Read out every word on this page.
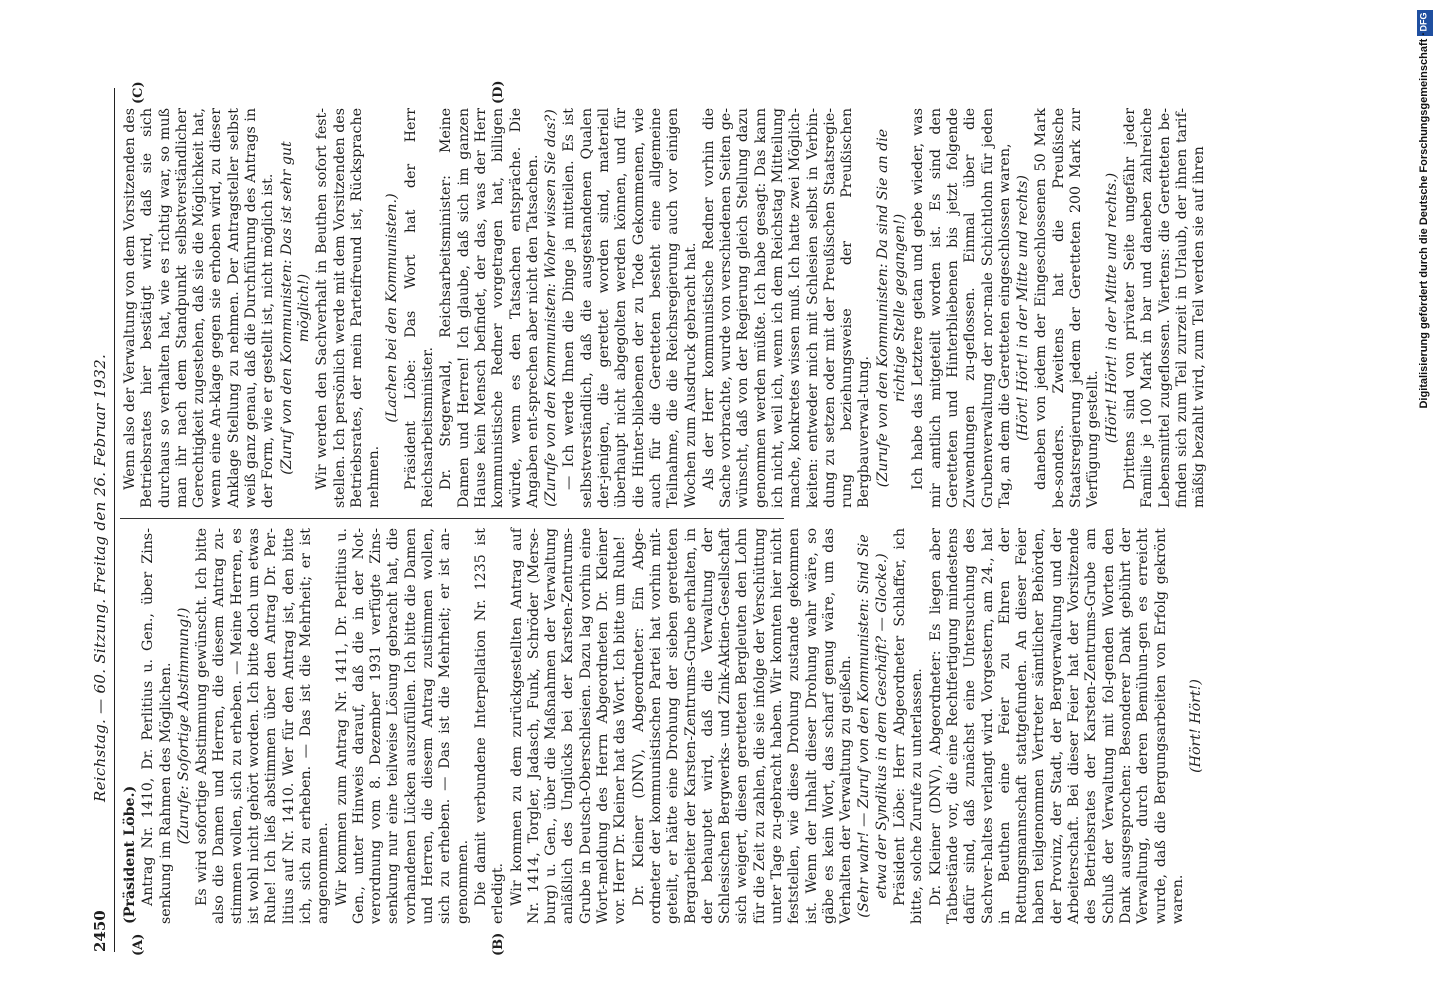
2450
Reichstag. — 60. Sitzung. Freitag den 26. Februar 1932.
(A)	(B)
(C)	(D)

(Präsident Löbe.) Antrag Nr. 1410, Dr. Perlitius u. Gen., über Zins-senkung im Rahmen des Möglichen. (Zurufe: Sofortige Abstimmung!) Es wird sofortige Abstimmung gewünscht. Ich bitte also die Damen und Herren, die diesem Antrag zu-stimmen wollen, sich zu erheben. — Meine Herren, es ist wohl nicht gehört worden. Ich bitte doch um etwas Ruhe! Ich ließ abstimmen über den Antrag Dr. Per-litius auf Nr. 1410. Wer für den Antrag ist, den bitte ich, sich zu erheben. — Das ist die Mehrheit; er ist angenommen. Wir kommen zum Antrag Nr. 1411, Dr. Perlitius u. Gen., unter Hinweis darauf, daß die in der Not-verordnung vom 8. Dezember 1931 verfügte Zins-senkung nur eine teilweise Lösung gebracht hat, die vorhandenen Lücken auszufüllen. Ich bitte die Damen und Herren, die diesem Antrag zustimmen wollen, sich zu erheben. — Das ist die Mehrheit; er ist an-genommen. Die damit verbundene Interpellation Nr. 1235 ist erledigt. Wir kommen zu dem zurückgestellten Antrag auf Nr. 1414, Torgler, Jadasch, Funk, Schröder (Merse-burg) u. Gen., über die Maßnahmen der Verwaltung anläßlich des Unglücks bei der Karsten-Zentrums-Grube in Deutsch-Oberschlesien. Dazu lag vorhin eine Wort-meldung des Herrn Abgeordneten Dr. Kleiner vor. Herr Dr. Kleiner hat das Wort. Ich bitte um Ruhe! Dr. Kleiner (DNV), Abgeordneter: Ein Abge-ordneter der kommunistischen Partei hat vorhin mit-geteilt, er hätte eine Drohung der sieben geretteten Bergarbeiter der Karsten-Zentrums-Grube erhalten, in der behauptet wird, daß die Verwaltung der Schlesischen Bergwerks- und Zink-Aktien-Gesellschaft sich weigert, diesen geretteten Bergleuten den Lohn für die Zeit zu zahlen, die sie infolge der Verschüttung unter Tage zu-gebracht haben. Wir konnten hier nicht feststellen, wie diese Drohung zustande gekommen ist. Wenn der Inhalt dieser Drohung wahr wäre, so gäbe es kein Wort, das scharf genug wäre, um das Verhalten der Verwaltung zu geißeln. (Sehr wahr! — Zuruf von den Kommunisten: Sind Sie etwa der Syndikus in dem Geschäft? — Glocke.) Präsident Löbe: Herr Abgeordneter Schlaffer, ich bitte, solche Zurufe zu unterlassen. Dr. Kleiner (DNV), Abgeordneter: Es liegen aber Tatbestände vor, die eine Rechtfertigung mindestens dafür sind, daß zunächst eine Untersuchung des Sachver-haltes verlangt wird. Vorgestern, am 24., hat in Beuthen eine Feier zu Ehren der Rettungsmannschaft stattgefunden. An dieser Feier haben teilgenommen Vertreter sämtlicher Behörden, der Provinz, der Stadt, der Bergverwaltung und der Arbeiterschaft. Bei dieser Feier hat der Vorsitzende des Betriebsrates der Karsten-Zentrums-Grube am Schluß der Verwaltung mit fol-genden Worten den Dank ausgesprochen: Besonderer Dank gebührt der Verwaltung, durch deren Bemühun-gen es erreicht wurde, daß die Bergungsarbeiten von Erfolg gekrönt waren.

(Hört! Hört!)

Wenn also der Verwaltung von dem Vorsitzenden des Betriebsrates hier bestätigt wird, daß sie sich durchaus so verhalten hat, wie es richtig war, so muß man ihr nach dem Standpunkt selbstverständlicher Gerechtigkeit zugestehen, daß sie die Möglichkeit hat, wenn eine An-klage gegen sie erhoben wird, zu dieser Anklage Stellung zu nehmen. Der Antragsteller selbst weiß ganz genau, daß die Durchführung des Antrags in der Form, wie er gestellt ist, nicht möglich ist. (Zuruf von den Kommunisten: Das ist sehr gut möglich!) Wir werden den Sachverhalt in Beuthen sofort fest-stellen. Ich persönlich werde mit dem Vorsitzenden des Betriebsrates, der mein Parteifreund ist, Rücksprache nehmen.

(Lachen bei den Kommunisten.) Präsident Löbe: Das Wort hat der Herr Reichsarbeitsminister. Dr. Stegerwald, Reichsarbeitsminister: Meine Damen und Herren! Ich glaube, daß sich im ganzen Hause kein Mensch befindet, der das, was der Herr kommunistische Redner vorgetragen hat, billigen würde, wenn es den Tatsachen entspräche. Die Angaben ent-sprechen aber nicht den Tatsachen. (Zurufe von den Kommunisten: Woher wissen Sie das?) — Ich werde Ihnen die Dinge ja mitteilen. Es ist selbstverständlich, daß die ausgestandenen Qualen der-jenigen, die gerettet worden sind, materiell überhaupt nicht abgegolten werden können, und für die Hinter-bliebenen der zu Tode Gekommenen, wie auch für die Geretteten besteht eine allgemeine Teilnahme, die die Reichsregierung auch vor einigen Wochen zum Ausdruck gebracht hat. Als der Herr kommunistische Redner vorhin die Sache vorbrachte, wurde von verschiedenen Seiten ge-wünscht, daß von der Regierung gleich Stellung dazu genommen werden müßte. Ich habe gesagt: Das kann ich nicht, weil ich, wenn ich dem Reichstag Mitteilung mache, konkretes wissen muß. Ich hatte zwei Möglich-keiten: entweder mich mit Schlesien selbst in Verbin-dung zu setzen oder mit der Preußischen Staatsregie-rung beziehungsweise der Preußischen Bergbauverwal-tung. (Zurufe von den Kommunisten: Da sind Sie an die richtige Stelle gegangen!) Ich habe das Letztere getan und gebe wieder, was mir amtlich mitgeteilt worden ist. Es sind den Geretteten und Hinterbliebenen bis jetzt folgende Zuwendungen zu-geflossen. Einmal über die Grubenverwaltung der nor-male Schichtlohn für jeden Tag, an dem die Geretteten eingeschlossen waren, (Hört! Hört! in der Mitte und rechts) daneben von jedem der Eingeschlossenen 50 Mark be-sonders. Zweitens hat die Preußische Staatsregierung jedem der Geretteten 200 Mark zur Verfügung gestellt. (Hört! Hört! in der Mitte und rechts.) Drittens sind von privater Seite ungefähr jeder Familie je 100 Mark in bar und daneben zahlreiche Lebensmittel zugeflossen. Viertens: die Geretteten be-finden sich zum Teil zurzeit in Urlaub, der ihnen tarif-mäßig bezahlt wird, zum Teil werden sie auf ihren

DFG
Digitalisierung gefördert durch die Deutsche Forschungsgemeinschaft ·
